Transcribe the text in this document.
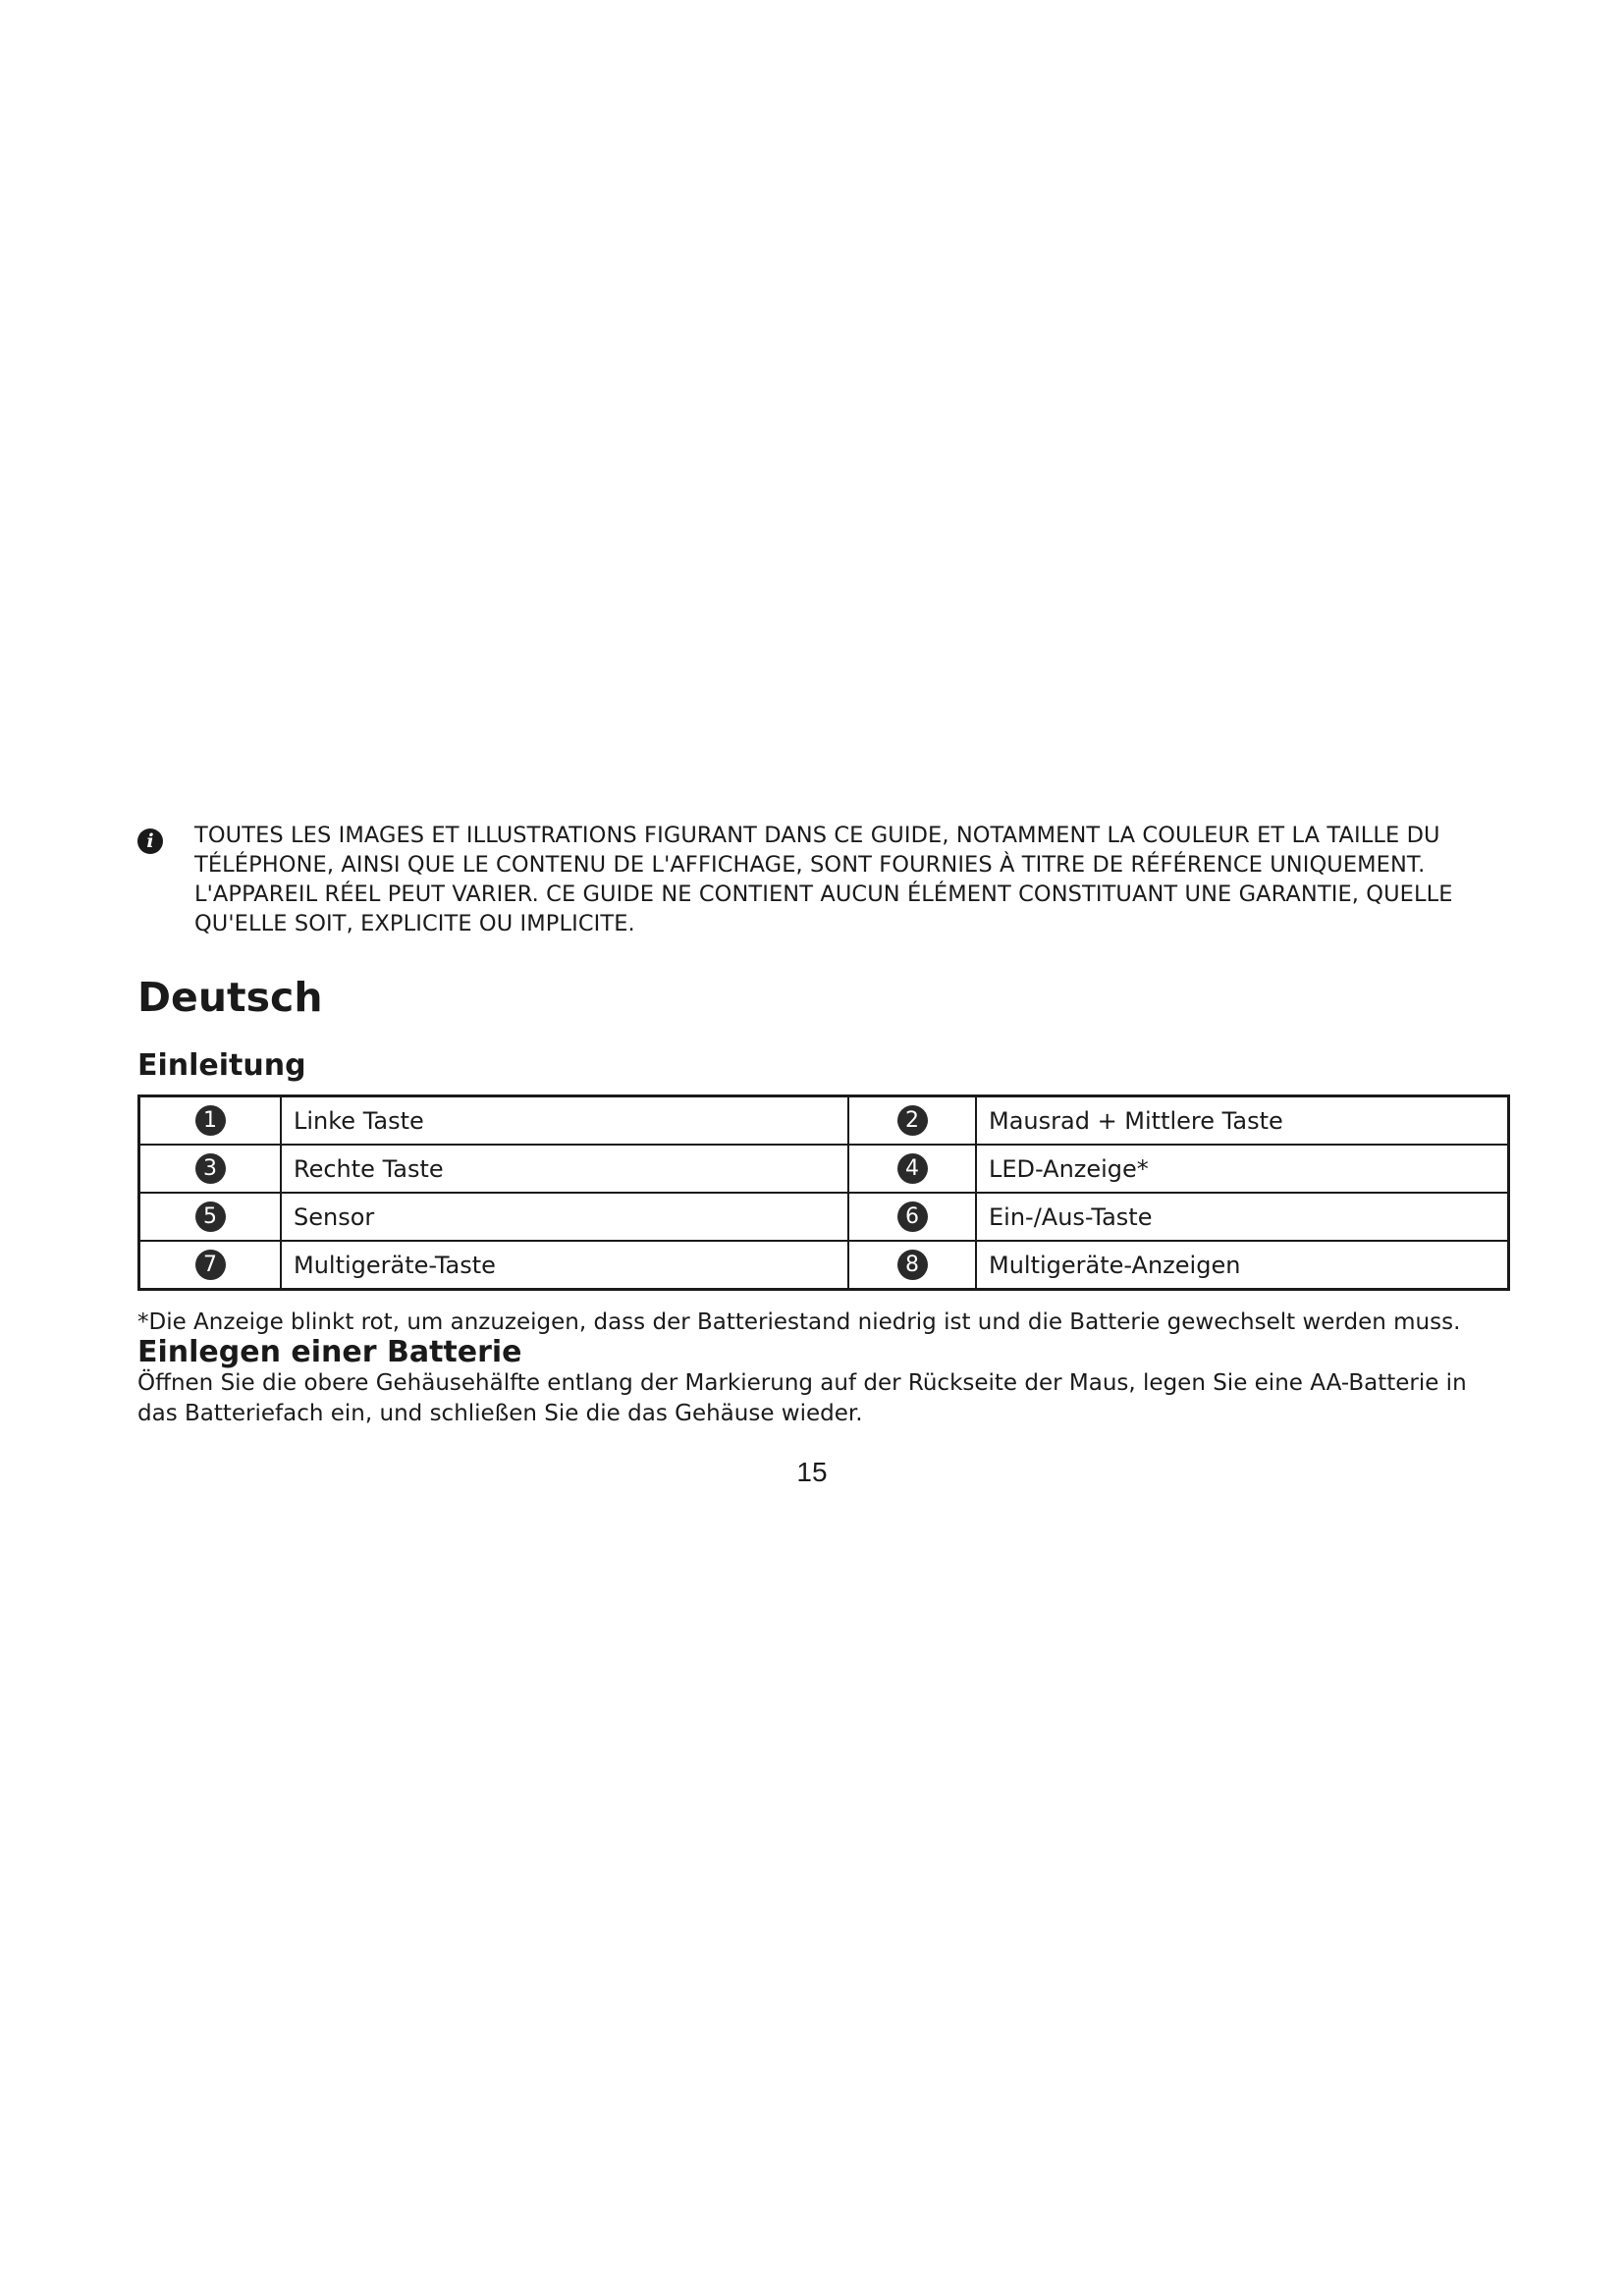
i	TOUTES LES IMAGES ET ILLUSTRATIONS FIGURANT DANS CE GUIDE, NOTAMMENT LA COULEUR ET LA TAILLE DU TÉLÉPHONE, AINSI QUE LE CONTENU DE L'AFFICHAGE, SONT FOURNIES À TITRE DE RÉFÉRENCE UNIQUEMENT. L'APPAREIL RÉEL PEUT VARIER. CE GUIDE NE CONTIENT AUCUN ÉLÉMENT CONSTITUANT UNE GARANTIE, QUELLE QU'ELLE SOIT, EXPLICITE OU IMPLICITE.
Deutsch
Einleitung
1	Linke Taste	2	Mausrad + Mittlere Taste
3	Rechte Taste	4	LED-Anzeige*
5	Sensor	6	Ein-/Aus-Taste
7	Multigeräte-Taste	8	Multigeräte-Anzeigen
*Die Anzeige blinkt rot, um anzuzeigen, dass der Batteriestand niedrig ist und die Batterie gewechselt werden muss.
Einlegen einer Batterie
Öffnen Sie die obere Gehäusehälfte entlang der Markierung auf der Rückseite der Maus, legen Sie eine AA-Batterie in das Batteriefach ein, und schließen Sie die das Gehäuse wieder.
15
